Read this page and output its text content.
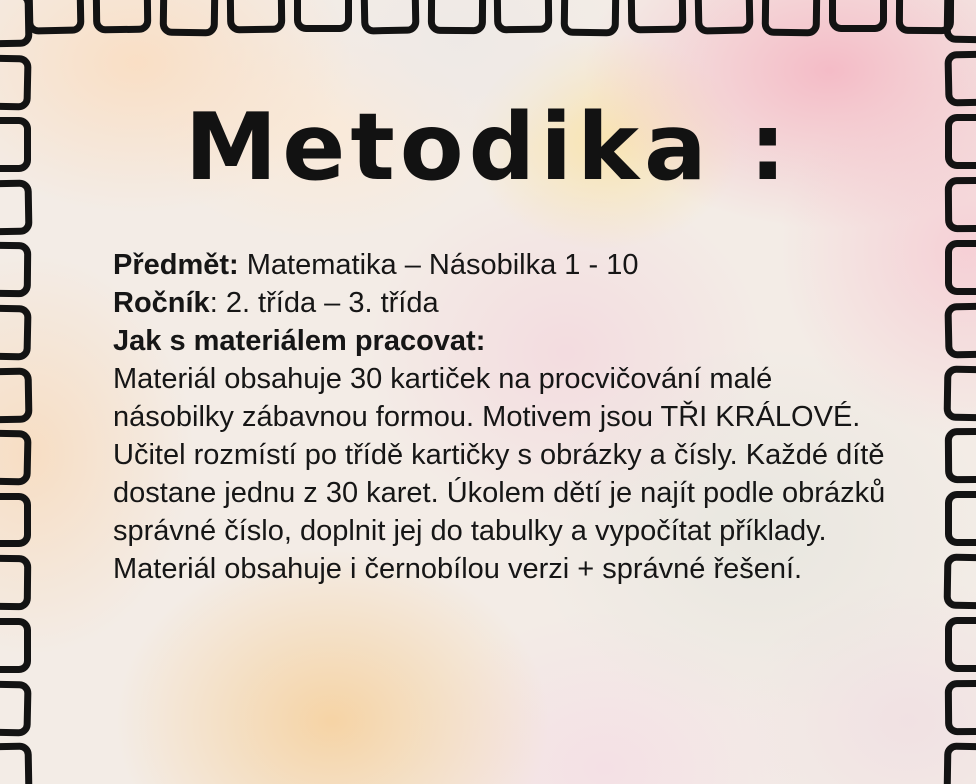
Metodika :

Předmět: Matematika – Násobilka 1 - 10

Ročník: 2. třída – 3. třída

Jak s materiálem pracovat:

Materiál obsahuje 30 kartiček na procvičování malé násobilky zábavnou formou. Motivem jsou TŘI KRÁLOVÉ. Učitel rozmístí po třídě kartičky s obrázky a čísly. Každé dítě dostane jednu z 30 karet. Úkolem dětí je najít podle obrázků správné číslo, doplnit jej do tabulky a vypočítat příklady. Materiál obsahuje i černobílou verzi + správné řešení.
